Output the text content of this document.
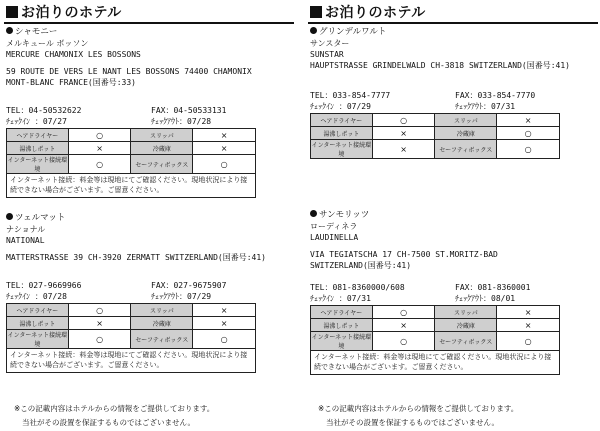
お泊りのホテル
シャモニー
メルキュール ボッソン
MERCURE CHAMONIX LES BOSSONS
59 ROUTE DE VERS LE NANT LES BOSSONS 74400 CHAMONIX MONT-BLANC FRANCE(国番号:33)
TEL：04-50532622	FAX：04-50533131
ﾁｪｯｸｲﾝ ：07/27	ﾁｪｯｸｱｳﾄ：07/28
ヘアドライヤー	○	スリッパ	×
湯沸しポット	×	冷蔵庫	×
インターネット接続環境	○	セーフティボックス	○
インターネット接続：料金等は現地にてご確認ください。現地状況により接続できない場合がございます。ご留意ください。
ツェルマット
ナショナル
NATIONAL
MATTERSTRASSE 39 CH-3920 ZERMATT SWITZERLAND(国番号:41)
TEL：027-9669966	FAX：027-9675907
ﾁｪｯｸｲﾝ ：07/28	ﾁｪｯｸｱｳﾄ：07/29
ヘアドライヤー	○	スリッパ	×
湯沸しポット	×	冷蔵庫	×
インターネット接続環境	○	セーフティボックス	○
インターネット接続：料金等は現地にてご確認ください。現地状況により接続できない場合がございます。ご留意ください。
※この記載内容はホテルからの情報をご提供しております。
当社がその設置を保証するものではございません。
お泊りのホテル
グリンデルワルト
サンスター
SUNSTAR
HAUPTSTRASSE GRINDELWALD CH-3818 SWITZERLAND(国番号:41)
TEL：033-854-7777	FAX：033-854-7770
ﾁｪｯｸｲﾝ ：07/29	ﾁｪｯｸｱｳﾄ：07/31
ヘアドライヤー	○	スリッパ	×
湯沸しポット	×	冷蔵庫	○
インターネット接続環境	×	セーフティボックス	○
サンモリッツ
ローディネラ
LAUDINELLA
VIA TEGIATSCHA 17 CH-7500 ST.MORITZ-BAD SWITZERLAND(国番号:41)
TEL：081-8360000/608	FAX：081-8360001
ﾁｪｯｸｲﾝ ：07/31	ﾁｪｯｸｱｳﾄ：08/01
ヘアドライヤー	○	スリッパ	×
湯沸しポット	×	冷蔵庫	×
インターネット接続環境	○	セーフティボックス	○
インターネット接続：料金等は現地にてご確認ください。現地状況により接続できない場合がございます。ご留意ください。
※この記載内容はホテルからの情報をご提供しております。
当社がその設置を保証するものではございません。
